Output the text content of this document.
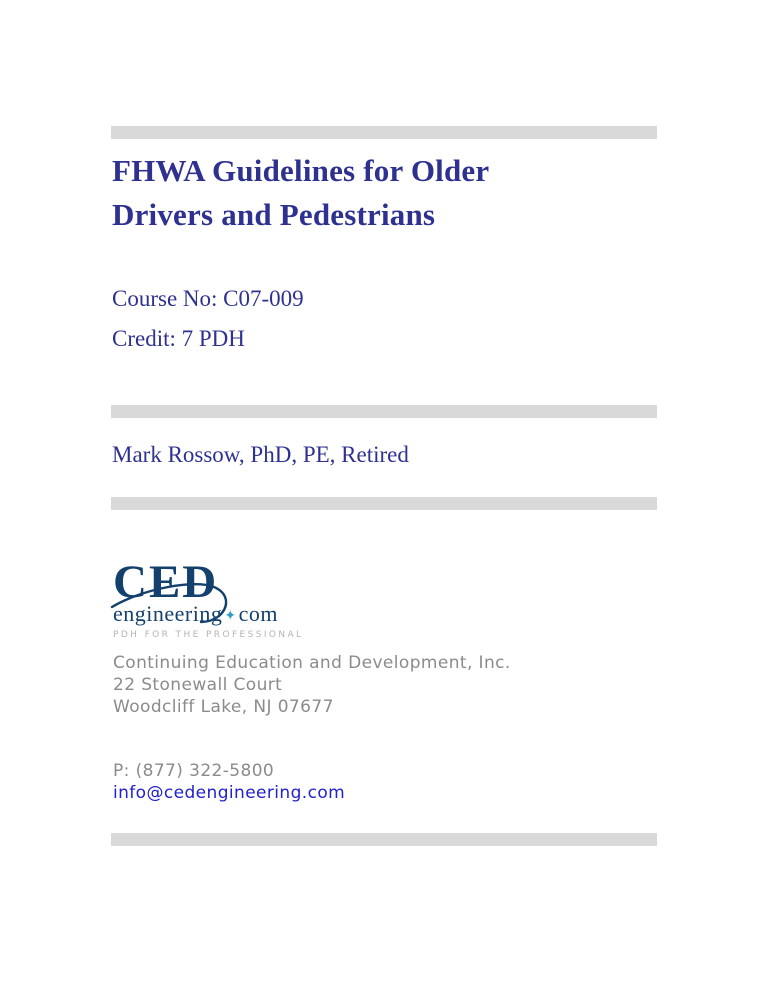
FHWA Guidelines for Older
Drivers and Pedestrians
Course No: C07-009
Credit: 7 PDH
Mark Rossow, PhD, PE, Retired
CED
engineering ✦com
PDH FOR THE PROFESSIONAL
Continuing Education and Development, Inc.
22 Stonewall Court
Woodcliff Lake, NJ 07677
P: (877) 322-5800
info@cedengineering.com
